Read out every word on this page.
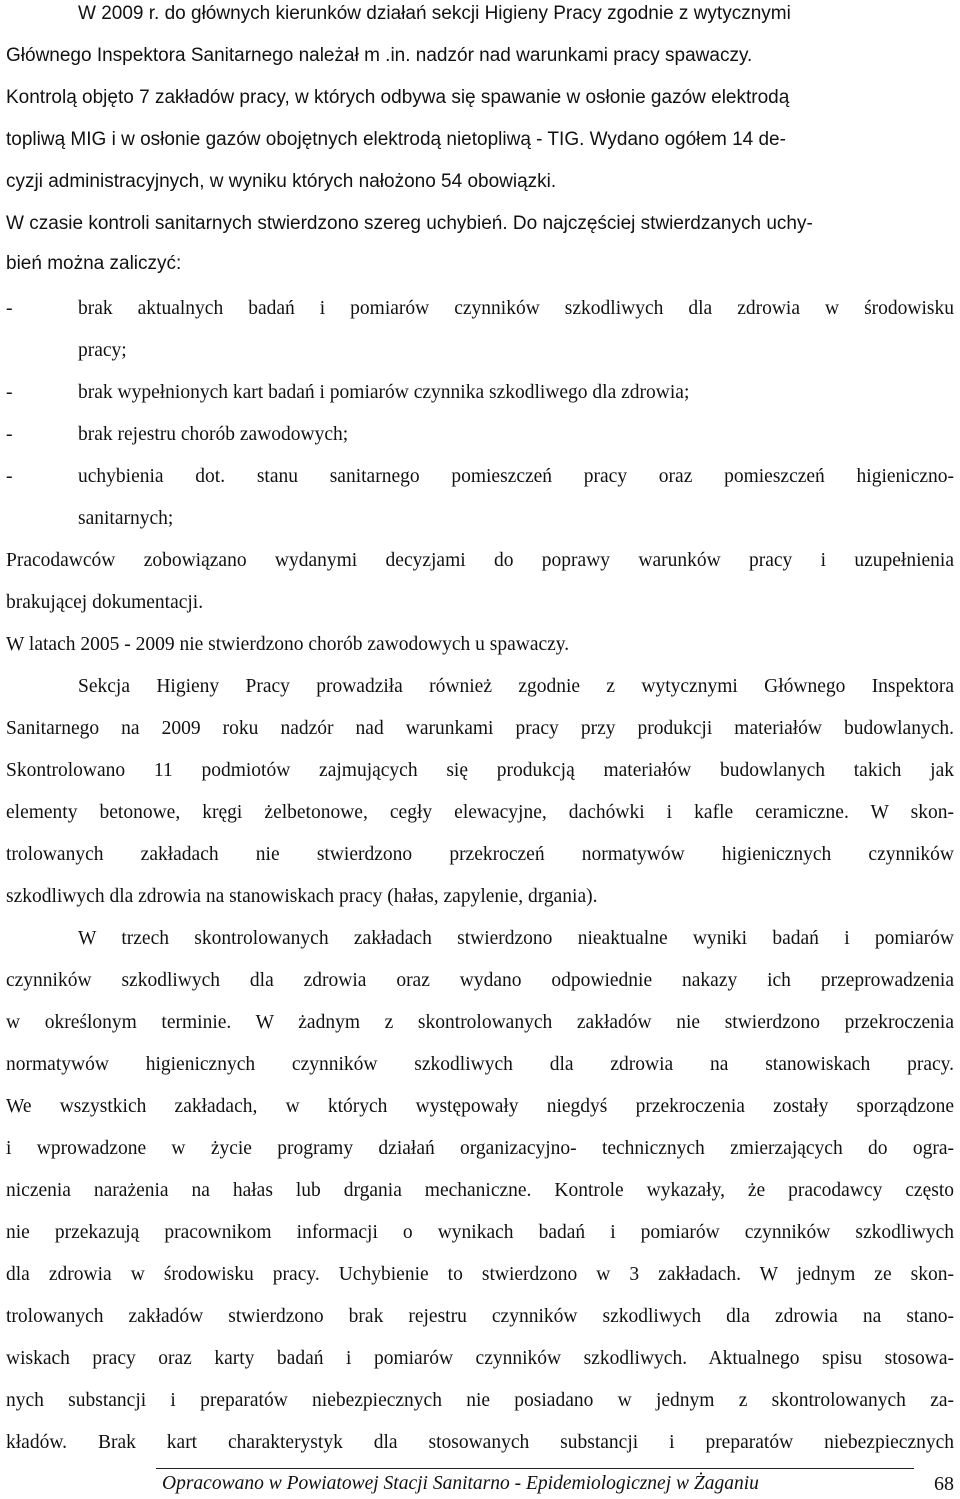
W 2009 r. do głównych kierunków działań sekcji Higieny Pracy zgodnie z wytycznymi

Głównego Inspektora Sanitarnego należał m .in. nadzór nad warunkami pracy spawaczy.

Kontrolą objęto 7 zakładów pracy, w których odbywa się spawanie w osłonie gazów elektrodą

topliwą MIG i w osłonie gazów obojętnych elektrodą nietopliwą - TIG. Wydano ogółem 14 de-

cyzji administracyjnych, w wyniku których nałożono 54 obowiązki.

W czasie kontroli sanitarnych stwierdzono szereg uchybień. Do najczęściej stwierdzanych uchy-

bień można zaliczyć:

-	brak aktualnych badań i pomiarów czynników szkodliwych dla zdrowia w środowisku

pracy;

-	brak wypełnionych kart badań i pomiarów czynnika szkodliwego dla zdrowia;

-	brak rejestru chorób zawodowych;

-	uchybienia dot. stanu sanitarnego pomieszczeń pracy oraz pomieszczeń higieniczno-

sanitarnych;

Pracodawców zobowiązano wydanymi decyzjami do poprawy warunków pracy i uzupełnienia

brakującej dokumentacji.

W latach 2005 - 2009 nie stwierdzono chorób zawodowych u spawaczy.

Sekcja Higieny Pracy prowadziła również zgodnie z wytycznymi Głównego Inspektora

Sanitarnego na 2009 roku nadzór nad warunkami pracy przy produkcji materiałów budowlanych.

Skontrolowano 11 podmiotów zajmujących się produkcją materiałów budowlanych takich jak

elementy betonowe, kręgi żelbetonowe, cegły elewacyjne, dachówki i kafle ceramiczne. W skon-

trolowanych zakładach nie stwierdzono przekroczeń normatywów higienicznych czynników

szkodliwych dla zdrowia na stanowiskach pracy (hałas, zapylenie, drgania).

W trzech skontrolowanych zakładach stwierdzono nieaktualne wyniki badań i pomiarów

czynników szkodliwych dla zdrowia oraz wydano odpowiednie nakazy ich przeprowadzenia

w określonym terminie. W żadnym z skontrolowanych zakładów nie stwierdzono przekroczenia

normatywów higienicznych czynników szkodliwych dla zdrowia na stanowiskach pracy.

We wszystkich zakładach, w których występowały niegdyś przekroczenia zostały sporządzone

i wprowadzone w życie programy działań organizacyjno- technicznych zmierzających do ogra-

niczenia narażenia na hałas lub drgania mechaniczne. Kontrole wykazały, że pracodawcy często

nie przekazują pracownikom informacji o wynikach badań i pomiarów czynników szkodliwych

dla zdrowia w środowisku pracy. Uchybienie to stwierdzono w 3 zakładach. W jednym ze skon-

trolowanych zakładów stwierdzono brak rejestru czynników szkodliwych dla zdrowia na stano-

wiskach pracy oraz karty badań i pomiarów czynników szkodliwych. Aktualnego spisu stosowa-

nych substancji i preparatów niebezpiecznych nie posiadano w jednym z skontrolowanych za-

kładów. Brak kart charakterystyk dla stosowanych substancji i preparatów niebezpiecznych

Opracowano w Powiatowej Stacji Sanitarno - Epidemiologicznej w Żaganiu	68
